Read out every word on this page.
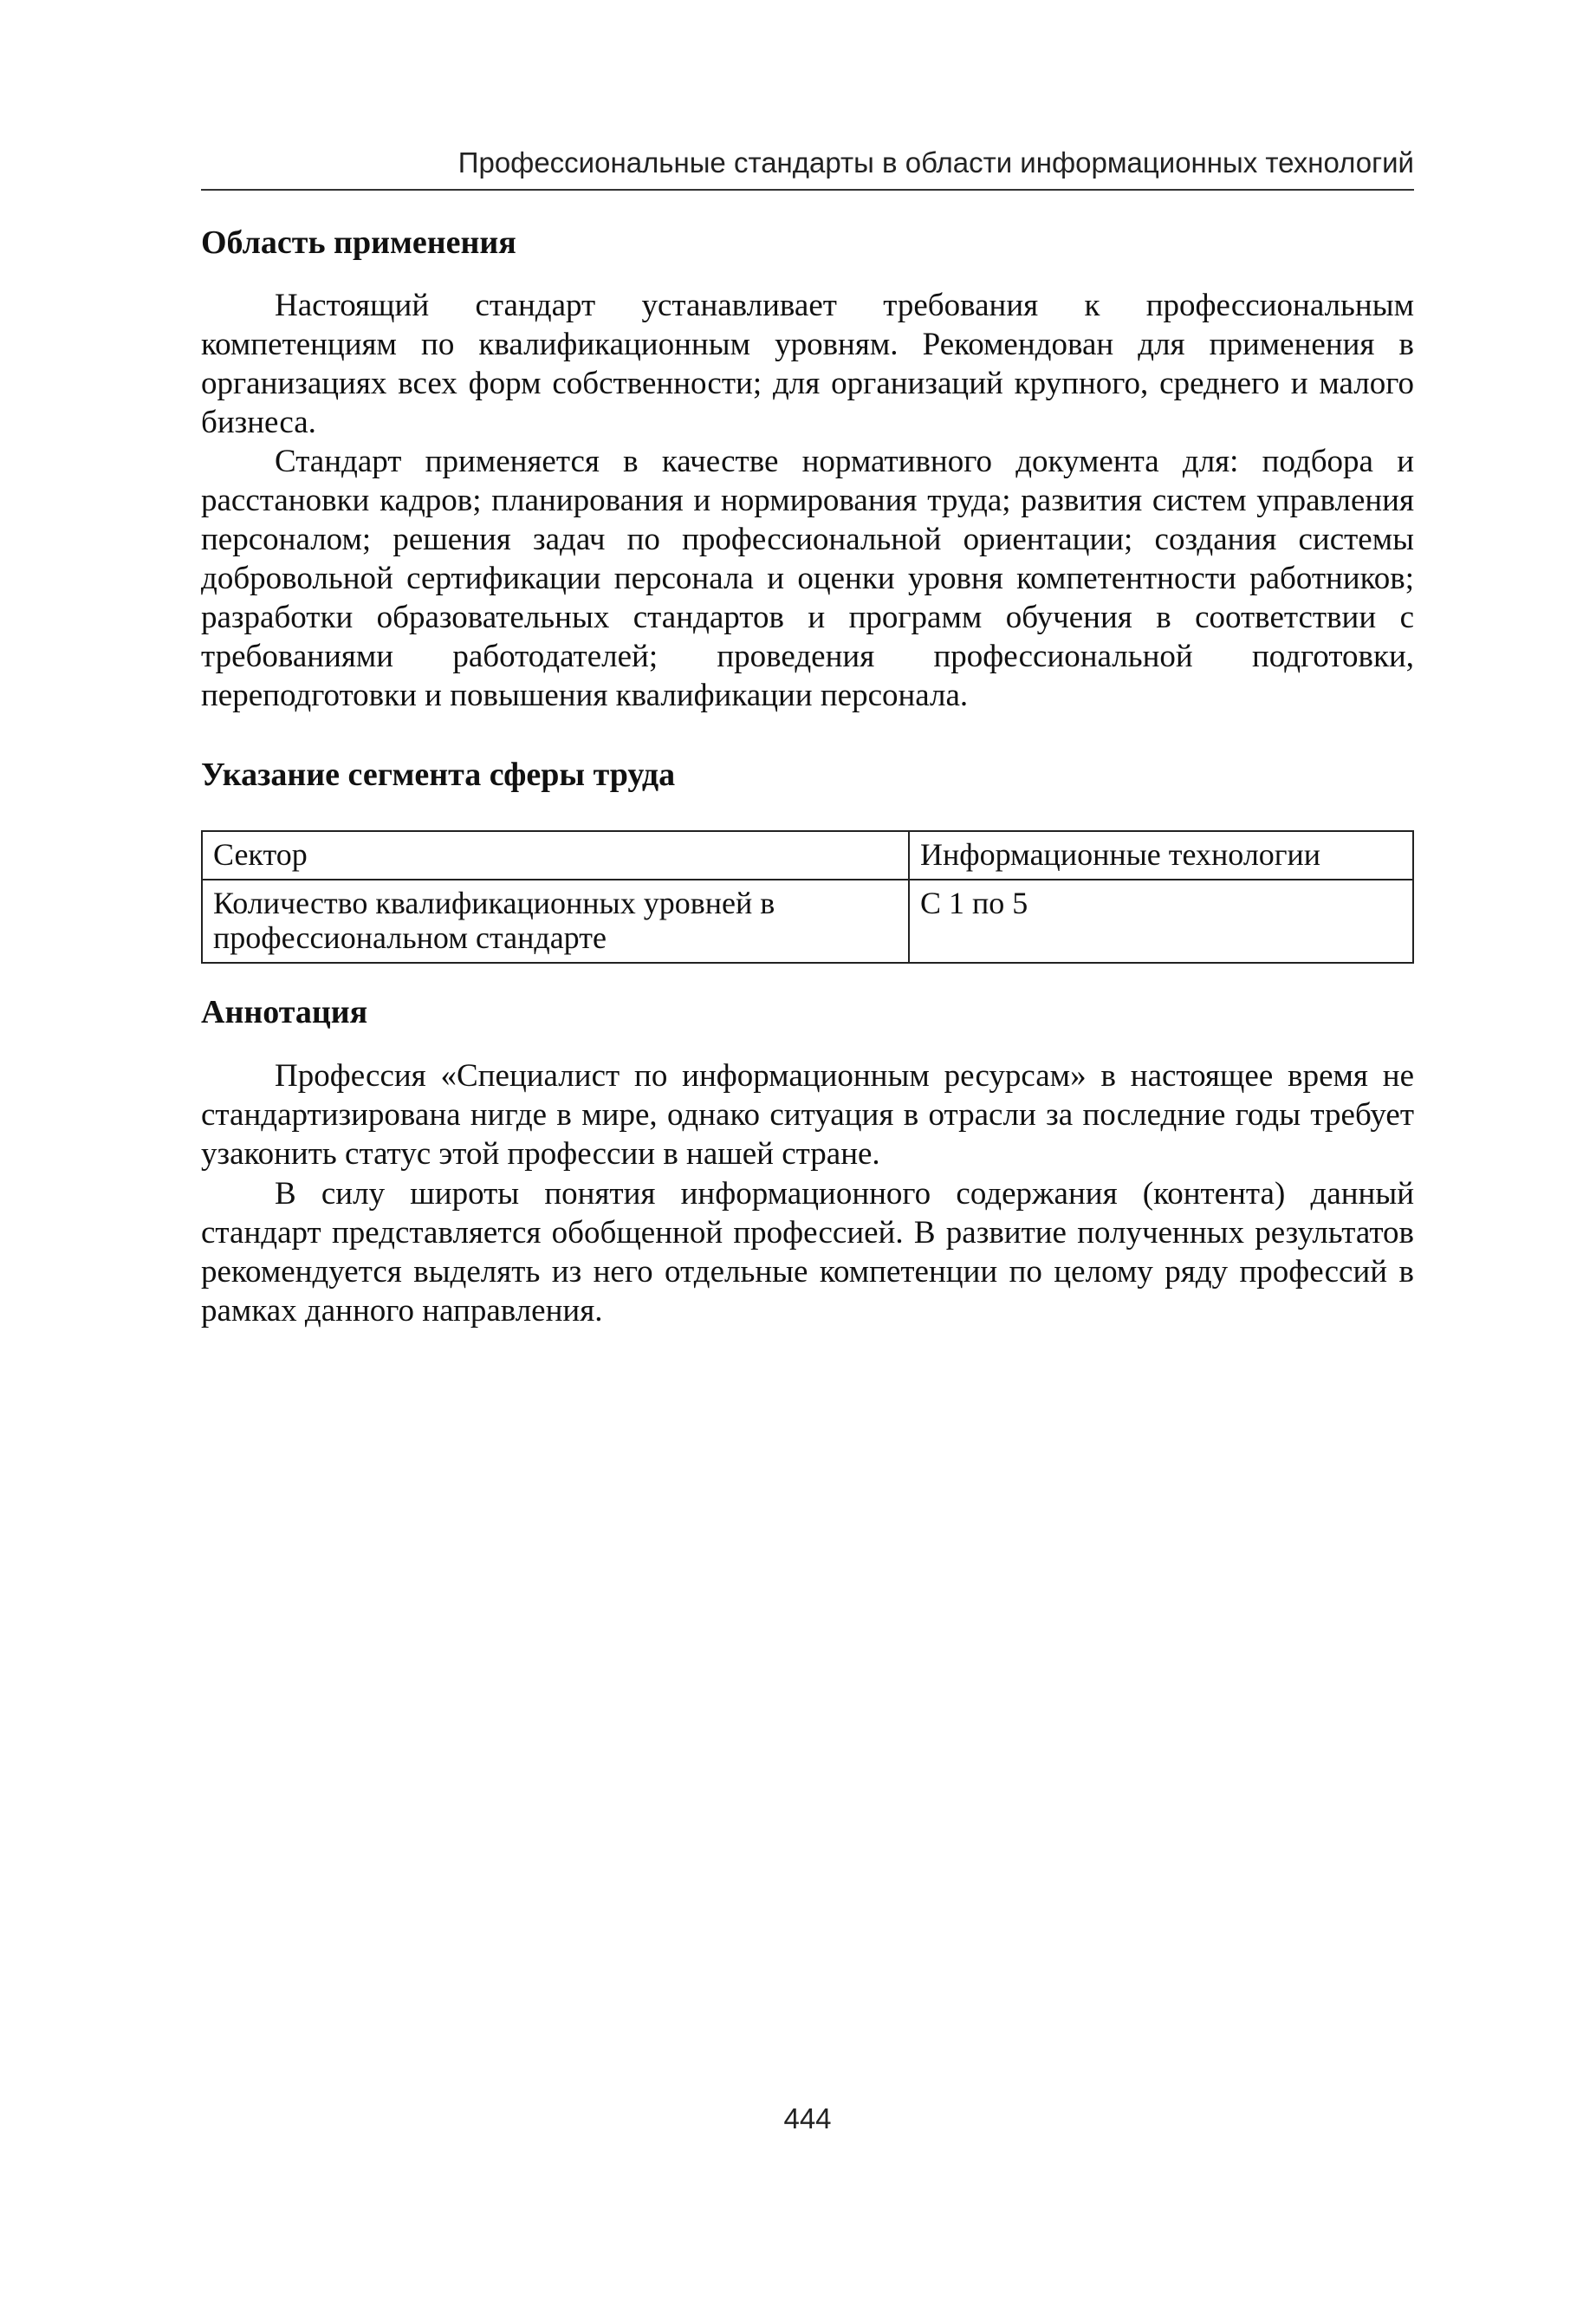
Профессиональные стандарты в области информационных технологий
Область применения

Настоящий стандарт устанавливает требования к профессиональным компетенциям по квалификационным уровням. Рекомендован для применения в организациях всех форм собственности; для организаций крупного, среднего и малого бизнеса.

Стандарт применяется в качестве нормативного документа для: подбора и расстановки кадров; планирования и нормирования труда; развития систем управления персоналом; решения задач по профессиональной ориентации; создания системы добровольной сертификации персонала и оценки уровня компетентности работников; разработки образовательных стандартов и программ обучения в соответствии с требованиями работодателей; проведения профессиональной подготовки, переподготовки и повышения квалификации персонала.

Указание сегмента сферы труда
Сектор	Информационные технологии
Количество квалификационных уровней в профессиональном стандарте	С 1 по 5
Аннотация

Профессия «Специалист по информационным ресурсам» в настоящее время не стандартизирована нигде в мире, однако ситуация в отрасли за последние годы требует узаконить статус этой профессии в нашей стране.

В силу широты понятия информационного содержания (контента) данный стандарт представляется обобщенной профессией. В развитие полученных результатов рекомендуется выделять из него отдельные компетенции по целому ряду профессий в рамках данного направления.

444
